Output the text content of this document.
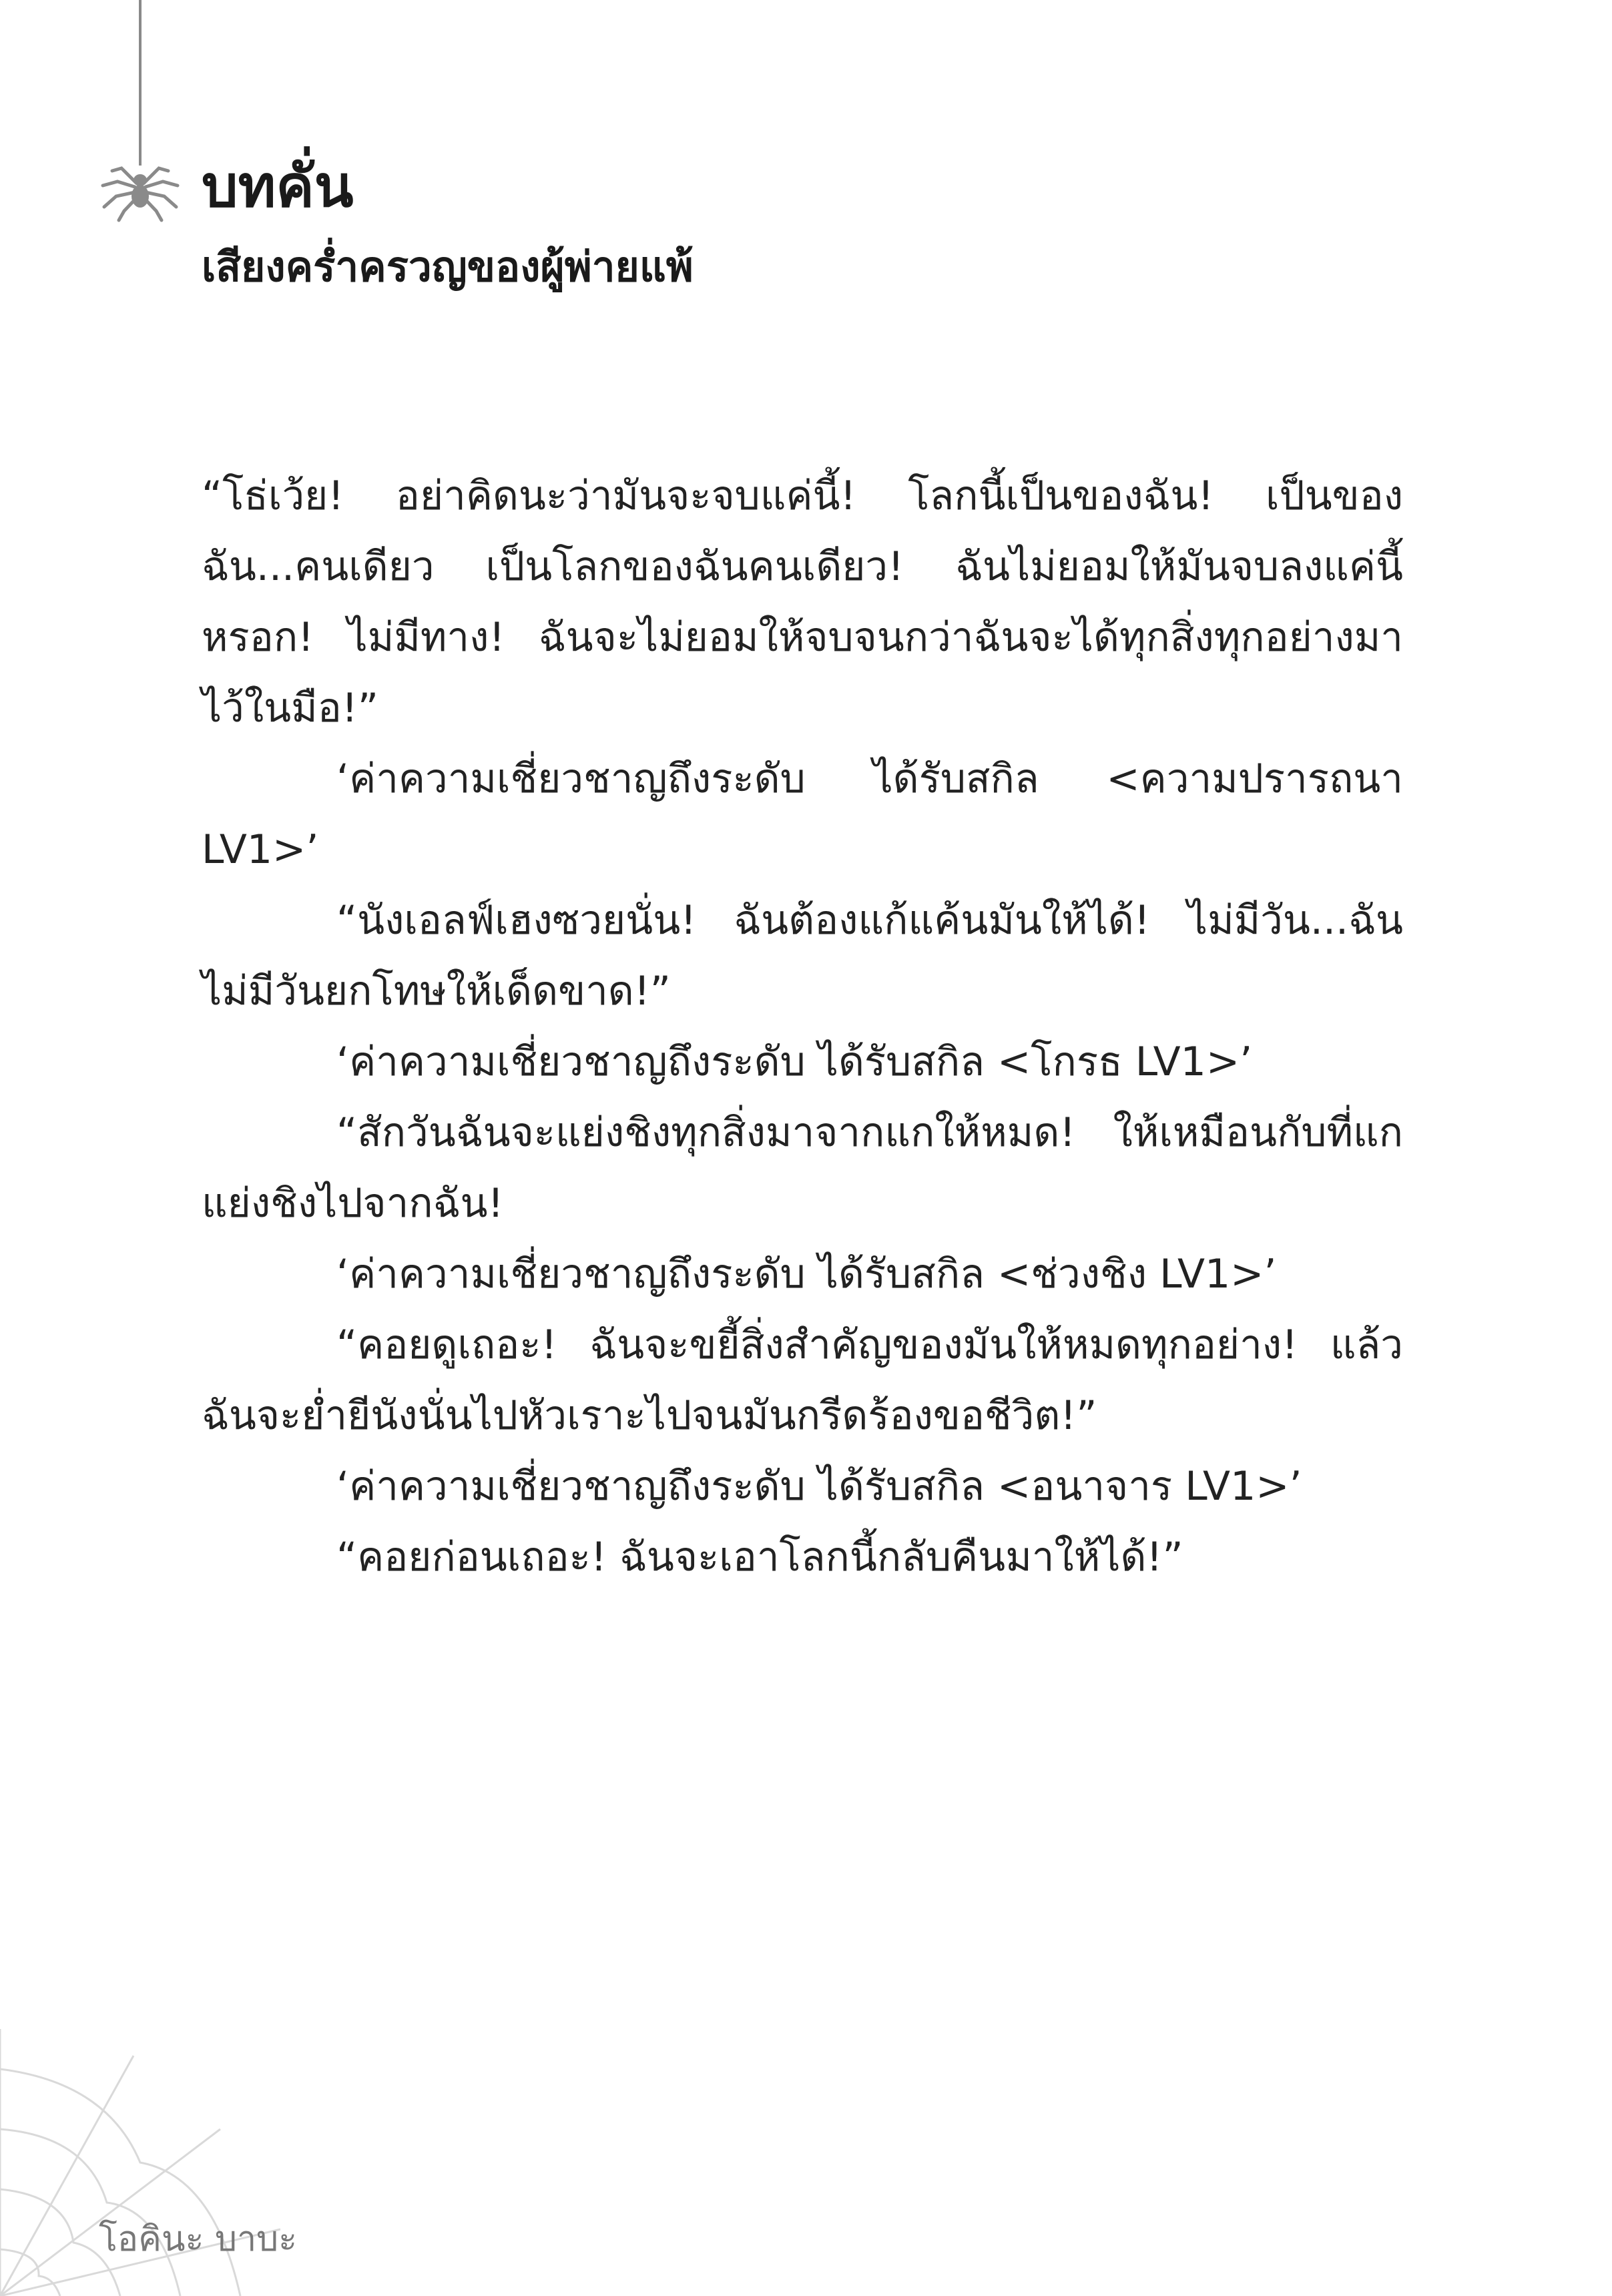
บทคั่น
เสียงคร่ำครวญของผู้พ่ายแพ้

“โธ่เว้ย! อย่าคิดนะว่ามันจะจบแค่นี้! โลกนี้เป็นของฉัน! เป็นของฉัน...คนเดียว เป็นโลกของฉันคนเดียว! ฉันไม่ยอมให้มันจบลงแค่นี้หรอก! ไม่มีทาง! ฉันจะไม่ยอมให้จบจนกว่าฉันจะได้ทุกสิ่งทุกอย่างมาไว้ในมือ!”

‘ค่าความเชี่ยวชาญถึงระดับ ได้รับสกิล <ความปรารถนา LV1>’

“นังเอลฟ์เฮงซวยนั่น! ฉันต้องแก้แค้นมันให้ได้! ไม่มีวัน...ฉันไม่มีวันยกโทษให้เด็ดขาด!”

‘ค่าความเชี่ยวชาญถึงระดับ ได้รับสกิล <โกรธ LV1>’

“สักวันฉันจะแย่งชิงทุกสิ่งมาจากแกให้หมด! ให้เหมือนกับที่แกแย่งชิงไปจากฉัน!

‘ค่าความเชี่ยวชาญถึงระดับ ได้รับสกิล <ช่วงชิง LV1>’

“คอยดูเถอะ! ฉันจะขยี้สิ่งสำคัญของมันให้หมดทุกอย่าง! แล้วฉันจะย่ำยีนังนั่นไปหัวเราะไปจนมันกรีดร้องขอชีวิต!”

‘ค่าความเชี่ยวชาญถึงระดับ ได้รับสกิล <อนาจาร LV1>’

“คอยก่อนเถอะ! ฉันจะเอาโลกนี้กลับคืนมาให้ได้!”

โอคินะ บาบะ
